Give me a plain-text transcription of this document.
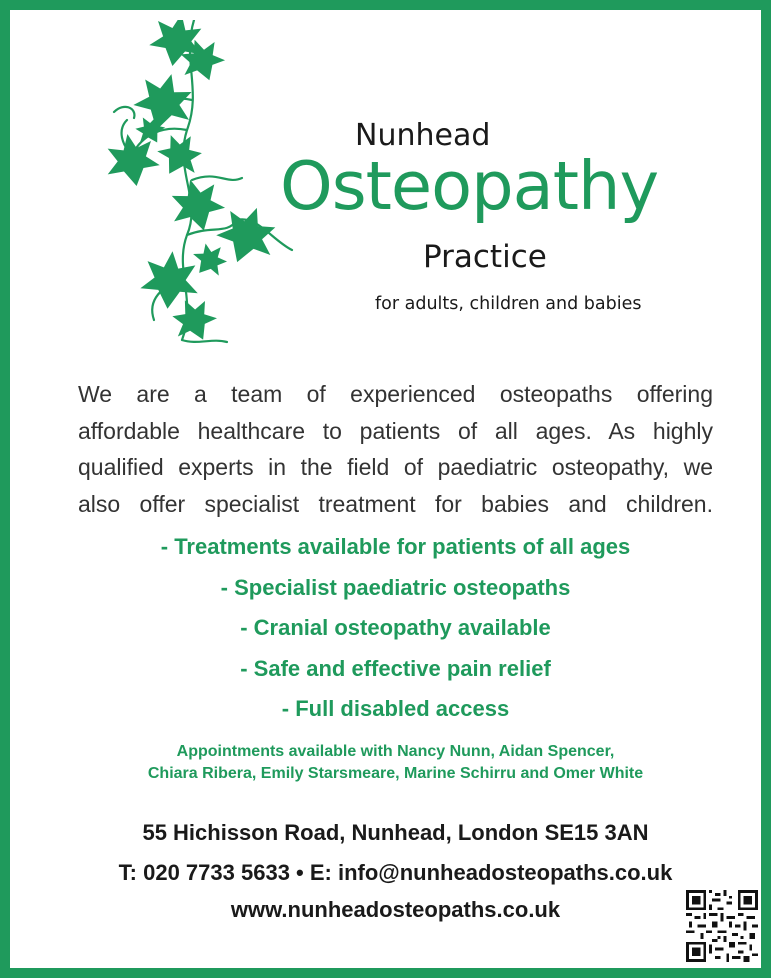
Nunhead
Osteopathy
Practice
for adults, children and babies
We are a team of experienced osteopaths offering
affordable healthcare to patients of all ages. As highly
qualified experts in the field of paediatric osteopathy, we
also offer specialist treatment for babies and children.
- Treatments available for patients of all ages
- Specialist paediatric osteopaths
- Cranial osteopathy available
- Safe and effective pain relief
- Full disabled access
Appointments available with Nancy Nunn, Aidan Spencer,
Chiara Ribera, Emily Starsmeare, Marine Schirru and Omer White
55 Hichisson Road, Nunhead, London SE15 3AN
T: 020 7733 5633 • E: info@nunheadosteopaths.co.uk
www.nunheadosteopaths.co.uk
